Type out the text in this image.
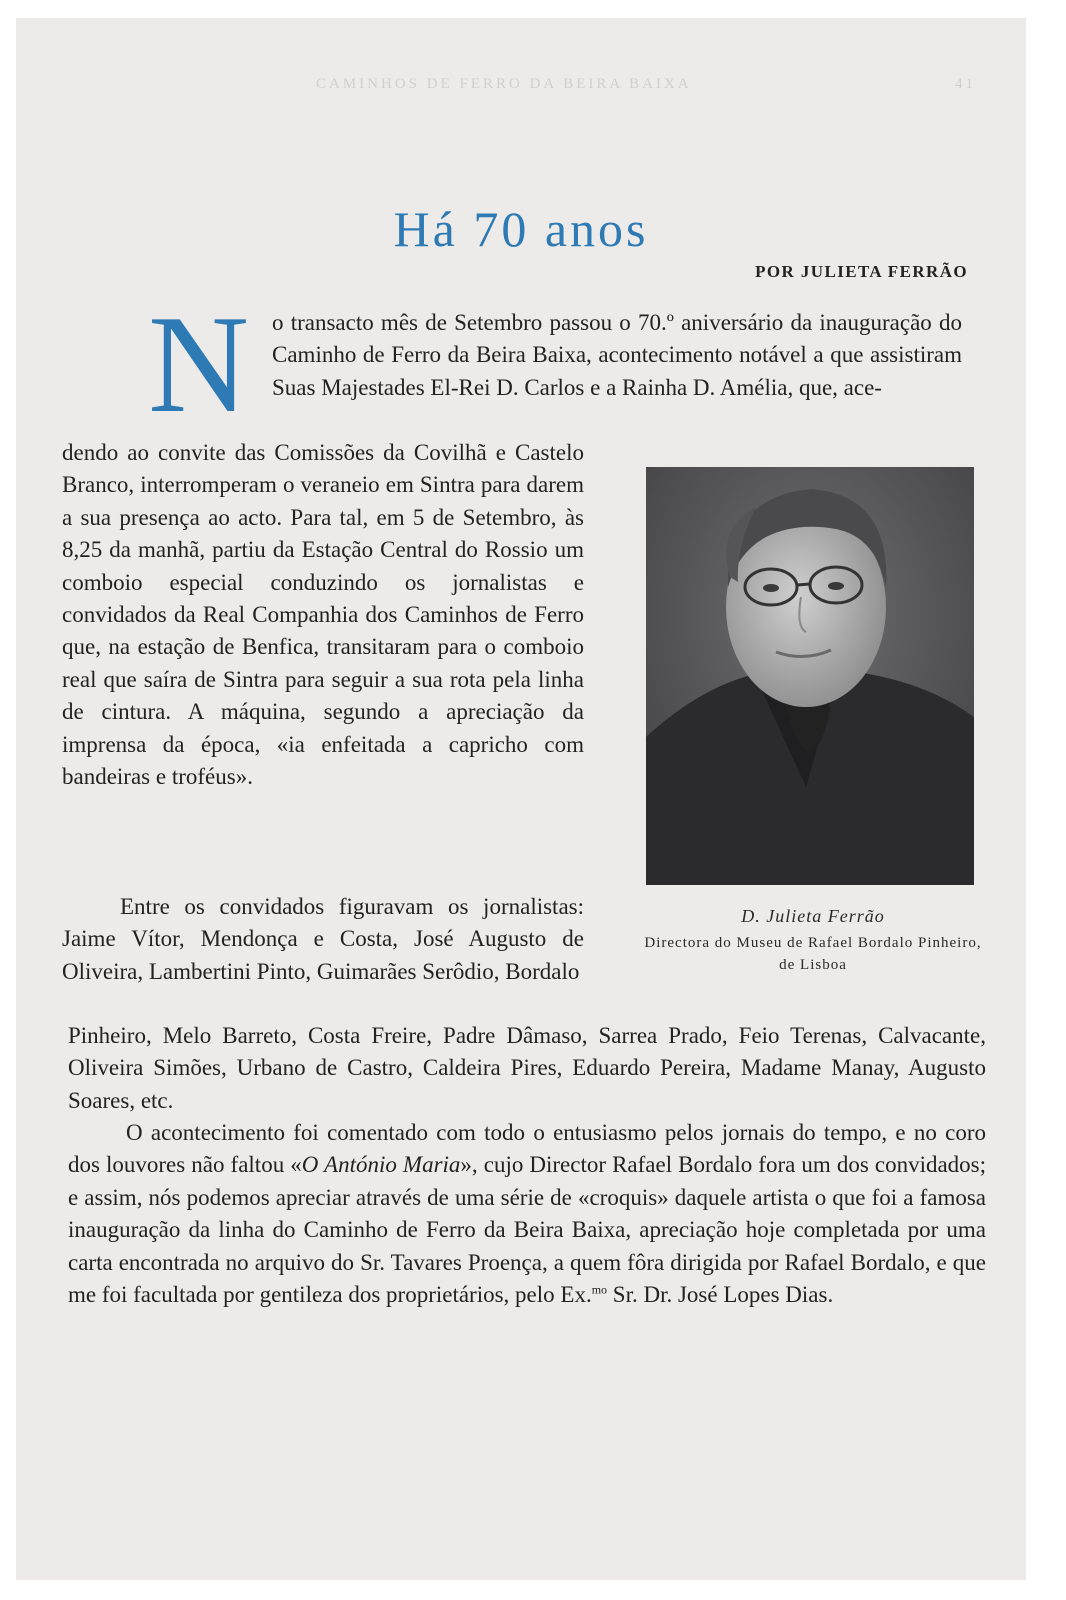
CAMINHOS DE FERRO DA BEIRA BAIXA	41
Há 70 anos
POR JULIETA FERRÃO
N o transacto mês de Setembro passou o 70.º aniversário da inauguração do Caminho de Ferro da Beira Baixa, acontecimento notável a que assistiram Suas Majestades El-Rei D. Carlos e a Rainha D. Amélia, que, ace-
dendo ao convite das Comissões da Covilhã e Castelo Branco, interromperam o veraneio em Sintra para darem a sua presença ao acto. Para tal, em 5 de Setembro, às 8,25 da manhã, partiu da Estação Central do Rossio um comboio especial conduzindo os jornalistas e convidados da Real Companhia dos Caminhos de Ferro que, na estação de Benfica, transitaram para o comboio real que saíra de Sintra para seguir a sua rota pela linha de cintura. A máquina, segundo a apreciação da imprensa da época, «ia enfeitada a capricho com bandeiras e troféus».
D. Julieta Ferrão
Directora do Museu de Rafael Bordalo Pinheiro, de Lisboa
Entre os convidados figuravam os jornalistas: Jaime Vítor, Mendonça e Costa, José Augusto de Oliveira, Lambertini Pinto, Guimarães Serôdio, Bordalo
Pinheiro, Melo Barreto, Costa Freire, Padre Dâmaso, Sarrea Prado, Feio Terenas, Calvacante, Oliveira Simões, Urbano de Castro, Caldeira Pires, Eduardo Pereira, Madame Manay, Augusto Soares, etc.
O acontecimento foi comentado com todo o entusiasmo pelos jornais do tempo, e no coro dos louvores não faltou «O António Maria», cujo Director Rafael Bordalo fora um dos convidados; e assim, nós podemos apreciar através de uma série de «croquis» daquele artista o que foi a famosa inauguração da linha do Caminho de Ferro da Beira Baixa, apreciação hoje completada por uma carta encontrada no arquivo do Sr. Tavares Proença, a quem fôra dirigida por Rafael Bordalo, e que me foi facultada por gentileza dos proprietários, pelo Ex.$^{mo}$ Sr. Dr. José Lopes Dias.
